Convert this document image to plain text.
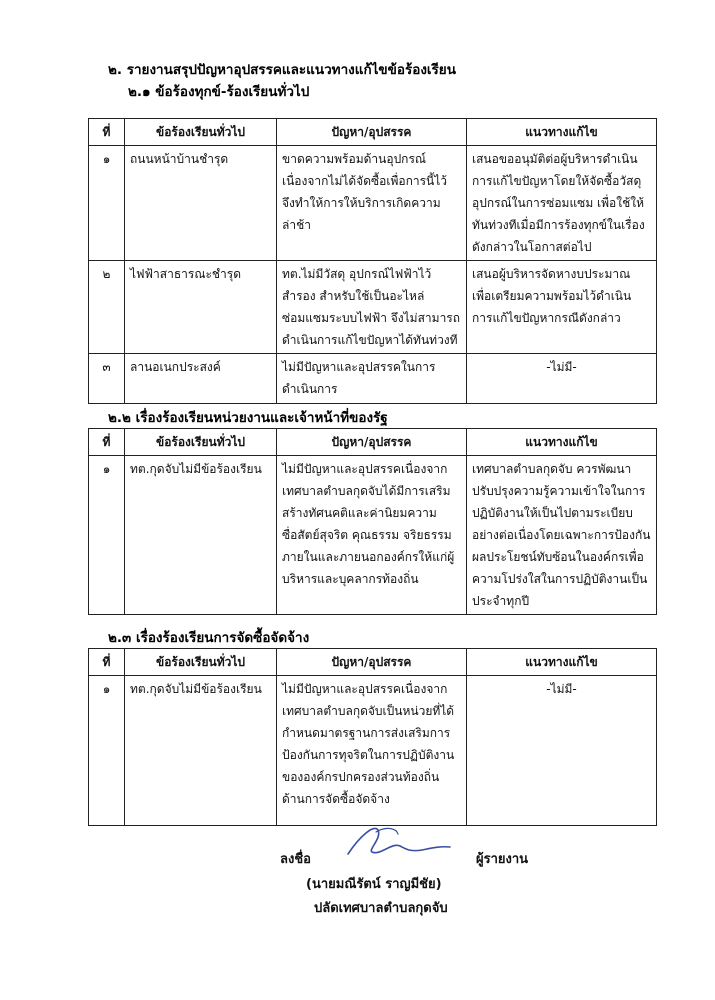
๒. รายงานสรุปปัญหาอุปสรรคและแนวทางแก้ไขข้อร้องเรียน
๒.๑ ข้อร้องทุกข์-ร้องเรียนทั่วไป
ที่	ข้อร้องเรียนทั่วไป	ปัญหา/อุปสรรค	แนวทางแก้ไข
๑	ถนนหน้าบ้านชำรุด	ขาดความพร้อมด้านอุปกรณ์ เนื่องจากไม่ได้จัดซื้อเพื่อการนี้ไว้ จึงทำให้การให้บริการเกิดความล่าช้า	เสนอขออนุมัติต่อผู้บริหารดำเนินการแก้ไขปัญหาโดยให้จัดซื้อวัสดุอุปกรณ์ในการซ่อมแซม เพื่อใช้ให้ทันท่วงทีเมื่อมีการร้องทุกข์ในเรื่องดังกล่าวในโอกาสต่อไป
๒	ไฟฟ้าสาธารณะชำรุด	ทต.ไม่มีวัสดุ อุปกรณ์ไฟฟ้าไว้สำรอง สำหรับใช้เป็นอะไหล่ซ่อมแซมระบบไฟฟ้า จึงไม่สามารถดำเนินการแก้ไขปัญหาได้ทันท่วงที	เสนอผู้บริหารจัดหางบประมาณ เพื่อเตรียมความพร้อมไว้ดำเนินการแก้ไขปัญหากรณีดังกล่าว
๓	ลานอเนกประสงค์	ไม่มีปัญหาและอุปสรรคในการดำเนินการ	-ไม่มี-
๒.๒ เรื่องร้องเรียนหน่วยงานและเจ้าหน้าที่ของรัฐ
ที่	ข้อร้องเรียนทั่วไป	ปัญหา/อุปสรรค	แนวทางแก้ไข
๑	ทต.กุดจับไม่มีข้อร้องเรียน	ไม่มีปัญหาและอุปสรรคเนื่องจากเทศบาลตำบลกุดจับได้มีการเสริมสร้างทัศนคติและค่านิยมความซื่อสัตย์สุจริต คุณธรรม จริยธรรม ภายในและภายนอกองค์กรให้แก่ผู้บริหารและบุคลากรท้องถิ่น	เทศบาลตำบลกุดจับ ควรพัฒนาปรับปรุงความรู้ความเข้าใจในการปฏิบัติงานให้เป็นไปตามระเบียบอย่างต่อเนื่องโดยเฉพาะการป้องกันผลประโยชน์ทับซ้อนในองค์กรเพื่อความโปร่งใสในการปฏิบัติงานเป็นประจำทุกปี
๒.๓ เรื่องร้องเรียนการจัดซื้อจัดจ้าง
ที่	ข้อร้องเรียนทั่วไป	ปัญหา/อุปสรรค	แนวทางแก้ไข
๑	ทต.กุดจับไม่มีข้อร้องเรียน	ไม่มีปัญหาและอุปสรรคเนื่องจากเทศบาลตำบลกุดจับเป็นหน่วยที่ได้กำหนดมาตรฐานการส่งเสริมการป้องกันการทุจริตในการปฏิบัติงานขององค์กรปกครองส่วนท้องถิ่น ด้านการจัดซื้อจัดจ้าง	-ไม่มี-
ลงชื่อ	ผู้รายงาน
(นายมณีรัตน์ ราญมีชัย)
ปลัดเทศบาลตำบลกุดจับ
